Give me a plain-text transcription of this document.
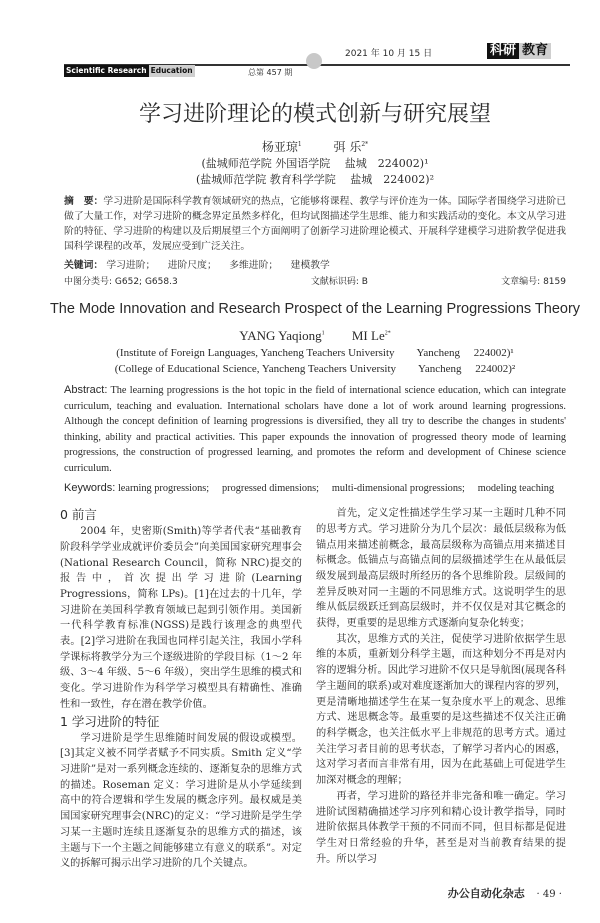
2021 年 10 月 15 日	科研 教育
Scientific Research Education	总第 457 期
学习进阶理论的模式创新与研究展望
杨亚琼$^1$	弭 乐$^{2*}$
(盐城师范学院 外国语学院　 盐城　224002)¹
(盐城师范学院 教育科学学院　 盐城　224002)²
摘　要：学习进阶是国际科学教育领域研究的热点，它能够将课程、教学与评价连为一体。国际学者围绕学习进阶已做了大量工作，对学习进阶的概念界定虽然多样化，但均试图描述学生思维、能力和实践活动的变化。本文从学习进阶的特征、学习进阶的构建以及后期展望三个方面阐明了创新学习进阶理论模式、开展科学建模学习进阶教学促进我国科学课程的改革，发展应受到广泛关注。
关键词： 学习进阶； 进阶尺度； 多维进阶； 建模教学
中图分类号: G652; G658.3	文献标识码: B	文章编号: 8159
The Mode Innovation and Research Prospect of the Learning Progressions Theory
YANG Yaqiong$^1$ MI $Le^{2*}$
(Institute of Foreign Languages, Yancheng Teachers University　　Yancheng　 224002)¹
(College of Educational Science, Yancheng Teachers University　　Yancheng　 224002)²
Abstract: The learning progressions is the hot topic in the field of international science education, which can integrate curriculum, teaching and evaluation. International scholars have done a lot of work around learning progressions. Although the concept definition of learning progressions is diversified, they all try to describe the changes in students' thinking, ability and practical activities. This paper expounds the innovation of progressed theory mode of learning progressions, the construction of progressed learning, and promotes the reform and development of Chinese science curriculum.
Keywords: learning progressions;　 progressed dimensions;　 multi-dimensional progressions;　 modeling teaching
0 前言

2004 年，史密斯(Smith)等学者代表“基础教育阶段科学学业成就评价委员会”向美国国家研究理事会(National Research Council，简称 NRC)提交的报告中，首次提出学习进阶(Learning Progressions，简称 LPs)。[1]在过去的十几年，学习进阶在美国科学教育领域已起到引领作用。美国新一代科学教育标准(NGSS)是践行该理念的典型代表。[2]学习进阶在我国也同样引起关注，我国小学科学课标将教学分为三个逐级进阶的学段目标（1～2 年级、3～4 年级、5～6 年级），突出学生思维的模式和变化。学习进阶作为科学学习模型具有精确性、准确性和一致性，存在潜在教学价值。

1 学习进阶的特征

学习进阶是学生思维随时间发展的假设或模型。[3]其定义被不同学者赋予不同实质。Smith 定义“学习进阶”是对一系列概念连续的、逐渐复杂的思维方式的描述。Roseman 定义：学习进阶是从小学延续到高中的符合逻辑和学生发展的概念序列。最权威是美国国家研究理事会(NRC)的定义：“学习进阶是学生学习某一主题时连续且逐渐复杂的思维方式的描述，该主题与下一个主题之间能够建立有意义的联系”。对定义的拆解可揭示出学习进阶的几个关键点。

首先，定义定性描述学生学习某一主题时几种不同的思考方式。学习进阶分为几个层次：最低层级称为低锚点用来描述前概念，最高层级称为高锚点用来描述目标概念。低锚点与高锚点间的层级描述学生在从最低层级发展到最高层级时所经历的各个思维阶段。层级间的差异反映对同一主题的不同思维方式。这说明学生的思维从低层级跃迁到高层级时，并不仅仅是对其它概念的获得，更重要的是思维方式逐渐向复杂化转变；

其次，思维方式的关注，促使学习进阶依据学生思维的本质，重新划分科学主题，而这种划分不再是对内容的逻辑分析。因此学习进阶不仅只是导航图(展现各科学主题间的联系)或对难度逐渐加大的课程内容的罗列，更是清晰地描述学生在某一复杂度水平上的观念、思维方式、迷思概念等。最重要的是这些描述不仅关注正确的科学概念，也关注低水平上非规范的思考方式。通过关注学习者目前的思考状态，了解学习者内心的困惑，这对学习者而言非常有用，因为在此基础上可促进学生加深对概念的理解；

再者，学习进阶的路径并非完备和唯一确定。学习进阶试图精确描述学习序列和精心设计教学指导，同时进阶依据具体教学干预的不同而不同，但目标都是促进学生对日常经验的升华，甚至是对当前教育结果的提升。所以学习

办公自动化杂志 · 49 ·
